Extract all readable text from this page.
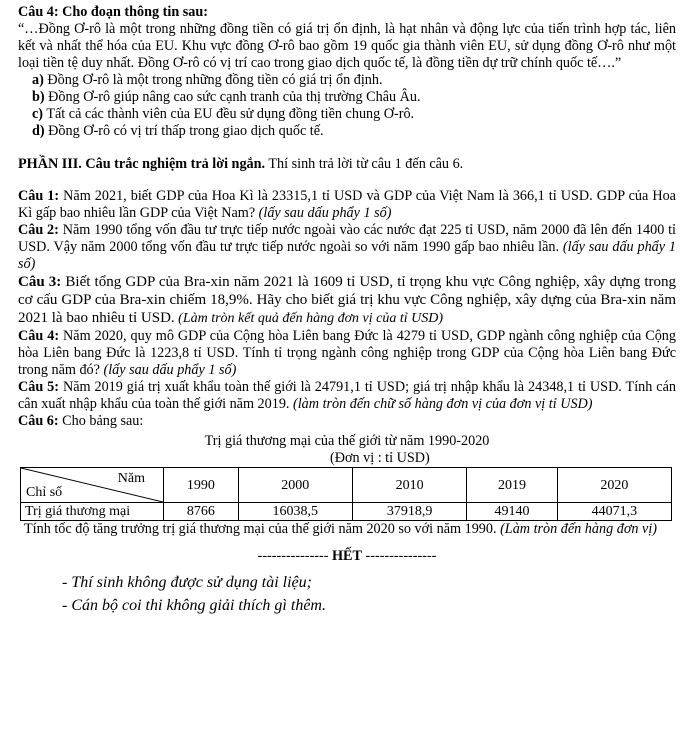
Câu 4: Cho đoạn thông tin sau:

“…Đồng Ơ-rô là một trong những đồng tiền có giá trị ổn định, là hạt nhân và động lực của tiến trình hợp tác, liên kết và nhất thể hóa của EU. Khu vực đồng Ơ-rô bao gồm 19 quốc gia thành viên EU, sử dụng đồng Ơ-rô như một loại tiền tệ duy nhất. Đồng Ơ-rô có vị trí cao trong giao dịch quốc tế, là đồng tiền dự trữ chính quốc tế….”

a) Đồng Ơ-rô là một trong những đồng tiền có giá trị ổn định.

b) Đồng Ơ-rô giúp nâng cao sức cạnh tranh của thị trường Châu Âu.

c) Tất cả các thành viên của EU đều sử dụng đồng tiền chung Ơ-rô.

d) Đồng Ơ-rô có vị trí thấp trong giao dịch quốc tế.

PHẦN III. Câu trắc nghiệm trả lời ngắn. Thí sinh trả lời từ câu 1 đến câu 6.

Câu 1: Năm 2021, biết GDP của Hoa Kì là 23315,1 tỉ USD và GDP của Việt Nam là 366,1 tỉ USD. GDP của Hoa Kì gấp bao nhiêu lần GDP của Việt Nam? (lấy sau dấu phẩy 1 số)

Câu 2: Năm 1990 tổng vốn đầu tư trực tiếp nước ngoài vào các nước đạt 225 tỉ USD, năm 2000 đã lên đến 1400 tỉ USD. Vậy năm 2000 tổng vốn đầu tư trực tiếp nước ngoài so với năm 1990 gấp bao nhiêu lần. (lấy sau dấu phẩy 1 số)

Câu 3: Biết tổng GDP của Bra-xin năm 2021 là 1609 tỉ USD, tỉ trọng khu vực Công nghiệp, xây dựng trong cơ cấu GDP của Bra-xin chiếm 18,9%. Hãy cho biết giá trị khu vực Công nghiệp, xây dựng của Bra-xin năm 2021 là bao nhiêu tỉ USD. (Làm tròn kết quả đến hàng đơn vị của tỉ USD)

Câu 4: Năm 2020, quy mô GDP của Cộng hòa Liên bang Đức là 4279 tỉ USD, GDP ngành công nghiệp của Cộng hòa Liên bang Đức là 1223,8 tỉ USD. Tính tỉ trọng ngành công nghiệp trong GDP của Cộng hòa Liên bang Đức trong năm đó? (lấy sau dấu phẩy 1 số)

Câu 5: Năm 2019 giá trị xuất khẩu toàn thế giới là 24791,1 tỉ USD; giá trị nhập khẩu là 24348,1 tỉ USD. Tính cán cân xuất nhập khẩu của toàn thế giới năm 2019. (làm tròn đến chữ số hàng đơn vị của đơn vị tỉ USD)

Câu 6: Cho bảng sau:

Trị giá thương mại của thế giới từ năm 1990-2020

(Đơn vị : tỉ USD)

Năm
Chỉ số	1990	2000	2010	2019	2020
Trị giá thương mại	8766	16038,5	37918,9	49140	44071,3

Tính tốc độ tăng trưởng trị giá thương mại của thế giới năm 2020 so với năm 1990. (Làm tròn đến hàng đơn vị)

--------------- HẾT ---------------

- Thí sinh không được sử dụng tài liệu;
- Cán bộ coi thi không giải thích gì thêm.
